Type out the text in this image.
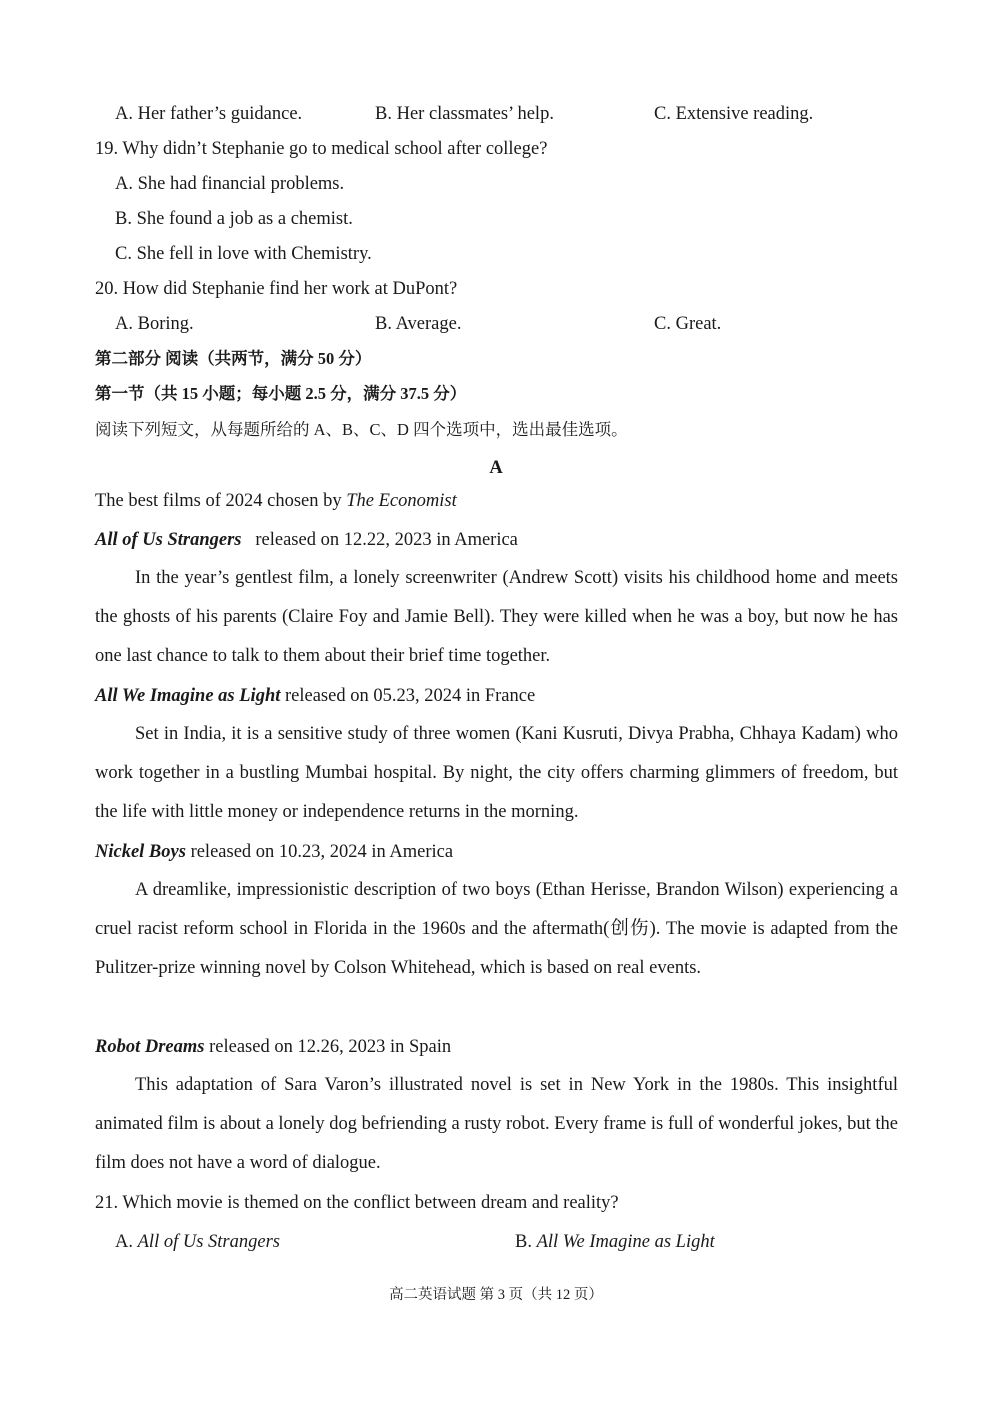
A. Her father’s guidance.	B. Her classmates’ help.	C. Extensive reading.
19. Why didn’t Stephanie go to medical school after college?
A. She had financial problems.
B. She found a job as a chemist.
C. She fell in love with Chemistry.
20. How did Stephanie find her work at DuPont?
A. Boring.	B. Average.	C. Great.
第二部分 阅读（共两节，满分 50 分）
第一节（共 15 小题；每小题 2.5 分，满分 37.5 分）
阅读下列短文，从每题所给的 A、B、C、D 四个选项中，选出最佳选项。
A
The best films of 2024 chosen by The Economist
All of Us Strangers released on 12.22, 2023 in America
In the year’s gentlest film, a lonely screenwriter (Andrew Scott) visits his childhood home and meets the ghosts of his parents (Claire Foy and Jamie Bell). They were killed when he was a boy, but now he has one last chance to talk to them about their brief time together.
All We Imagine as Light released on 05.23, 2024 in France
Set in India, it is a sensitive study of three women (Kani Kusruti, Divya Prabha, Chhaya Kadam) who work together in a bustling Mumbai hospital. By night, the city offers charming glimmers of freedom, but the life with little money or independence returns in the morning.
Nickel Boys released on 10.23, 2024 in America
A dreamlike, impressionistic description of two boys (Ethan Herisse, Brandon Wilson) experiencing a cruel racist reform school in Florida in the 1960s and the aftermath(创伤). The movie is adapted from the Pulitzer-prize winning novel by Colson Whitehead, which is based on real events.
Robot Dreams released on 12.26, 2023 in Spain
This adaptation of Sara Varon’s illustrated novel is set in New York in the 1980s. This insightful animated film is about a lonely dog befriending a rusty robot. Every frame is full of wonderful jokes, but the film does not have a word of dialogue.
21. Which movie is themed on the conflict between dream and reality?
A. All of Us Strangers	B. All We Imagine as Light
高二英语试题 第 3 页（共 12 页）
